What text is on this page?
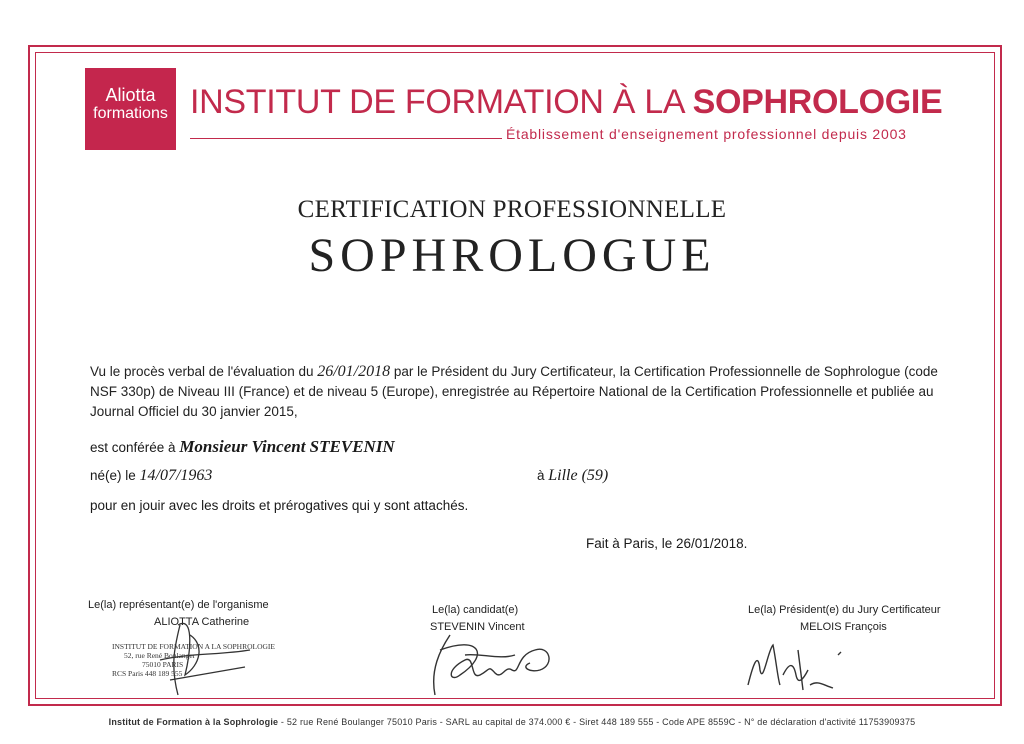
Aliotta
formations INSTITUT DE FORMATION À LA SOPHROLOGIE
Établissement d'enseignement professionnel depuis 2003
CERTIFICATION PROFESSIONNELLE
SOPHROLOGUE
Vu le procès verbal de l'évaluation du 26/01/2018 par le Président du Jury Certificateur, la Certification Professionnelle de Sophrologue (code NSF 330p) de Niveau III (France) et de niveau 5 (Europe), enregistrée au Répertoire National de la Certification Professionnelle et publiée au Journal Officiel du 30 janvier 2015,
est conférée à Monsieur Vincent STEVENIN
né(e) le 14/07/1963	à Lille (59)
pour en jouir avec les droits et prérogatives qui y sont attachés.
Fait à Paris, le 26/01/2018.
Le(la) représentant(e) de l'organisme
ALIOTTA Catherine
Le(la) candidat(e)
STEVENIN Vincent
Le(la) Président(e) du Jury Certificateur
MELOIS François
INSTITUT DE FORMATION A LA SOPHROLOGIE
52, rue René Boulanger
75010 PARIS
RCS Paris 448 189 555
Institut de Formation à la Sophrologie - 52 rue René Boulanger 75010 Paris - SARL au capital de 374.000 € - Siret 448 189 555 - Code APE 8559C - N° de déclaration d'activité 11753909375
